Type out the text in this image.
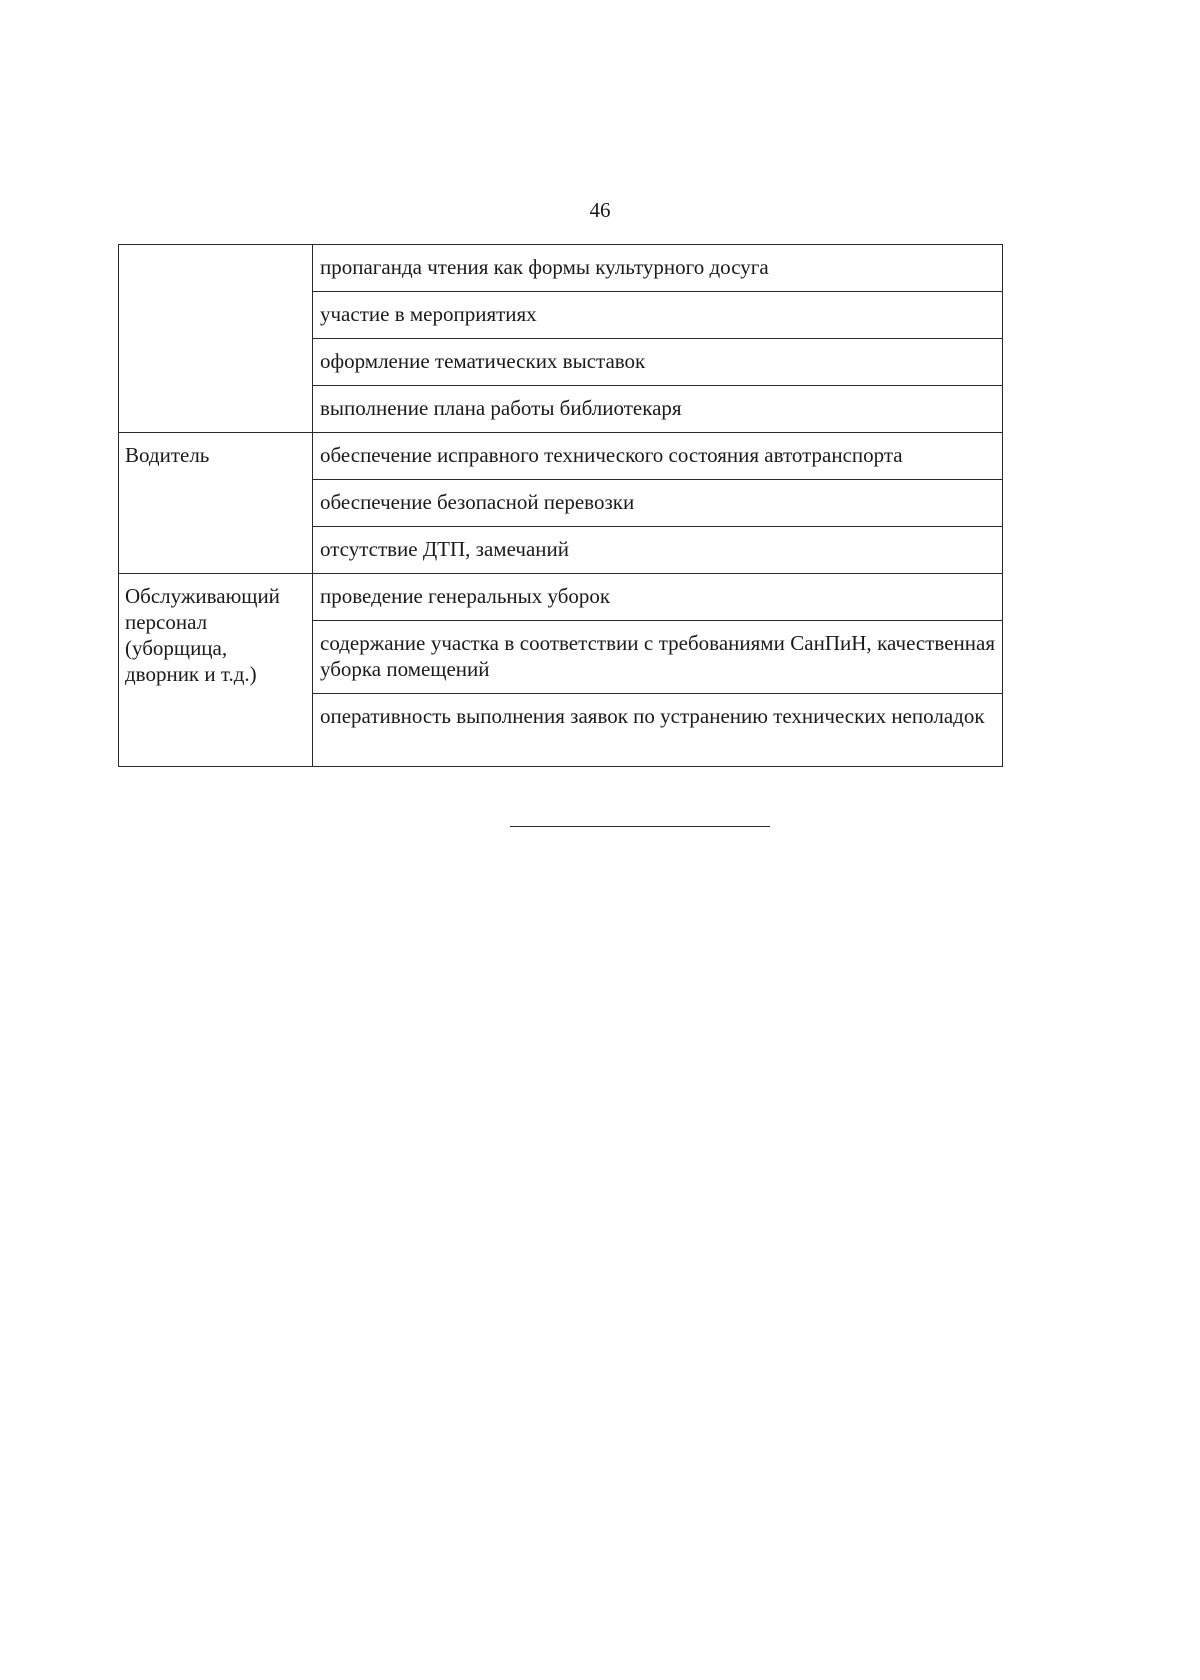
46
	пропаганда чтения как формы культурного досуга
	участие в мероприятиях
	оформление тематических выставок
	выполнение плана работы библиотекаря
Водитель	обеспечение исправного технического состояния автотранспорта
	обеспечение безопасной перевозки
	отсутствие ДТП, замечаний
Обслуживающий персонал (уборщица, дворник и т.д.)	проведение генеральных уборок
	содержание участка в соответствии с требованиями СанПиН, качественная уборка помещений
	оперативность выполнения заявок по устранению технических неполадок
